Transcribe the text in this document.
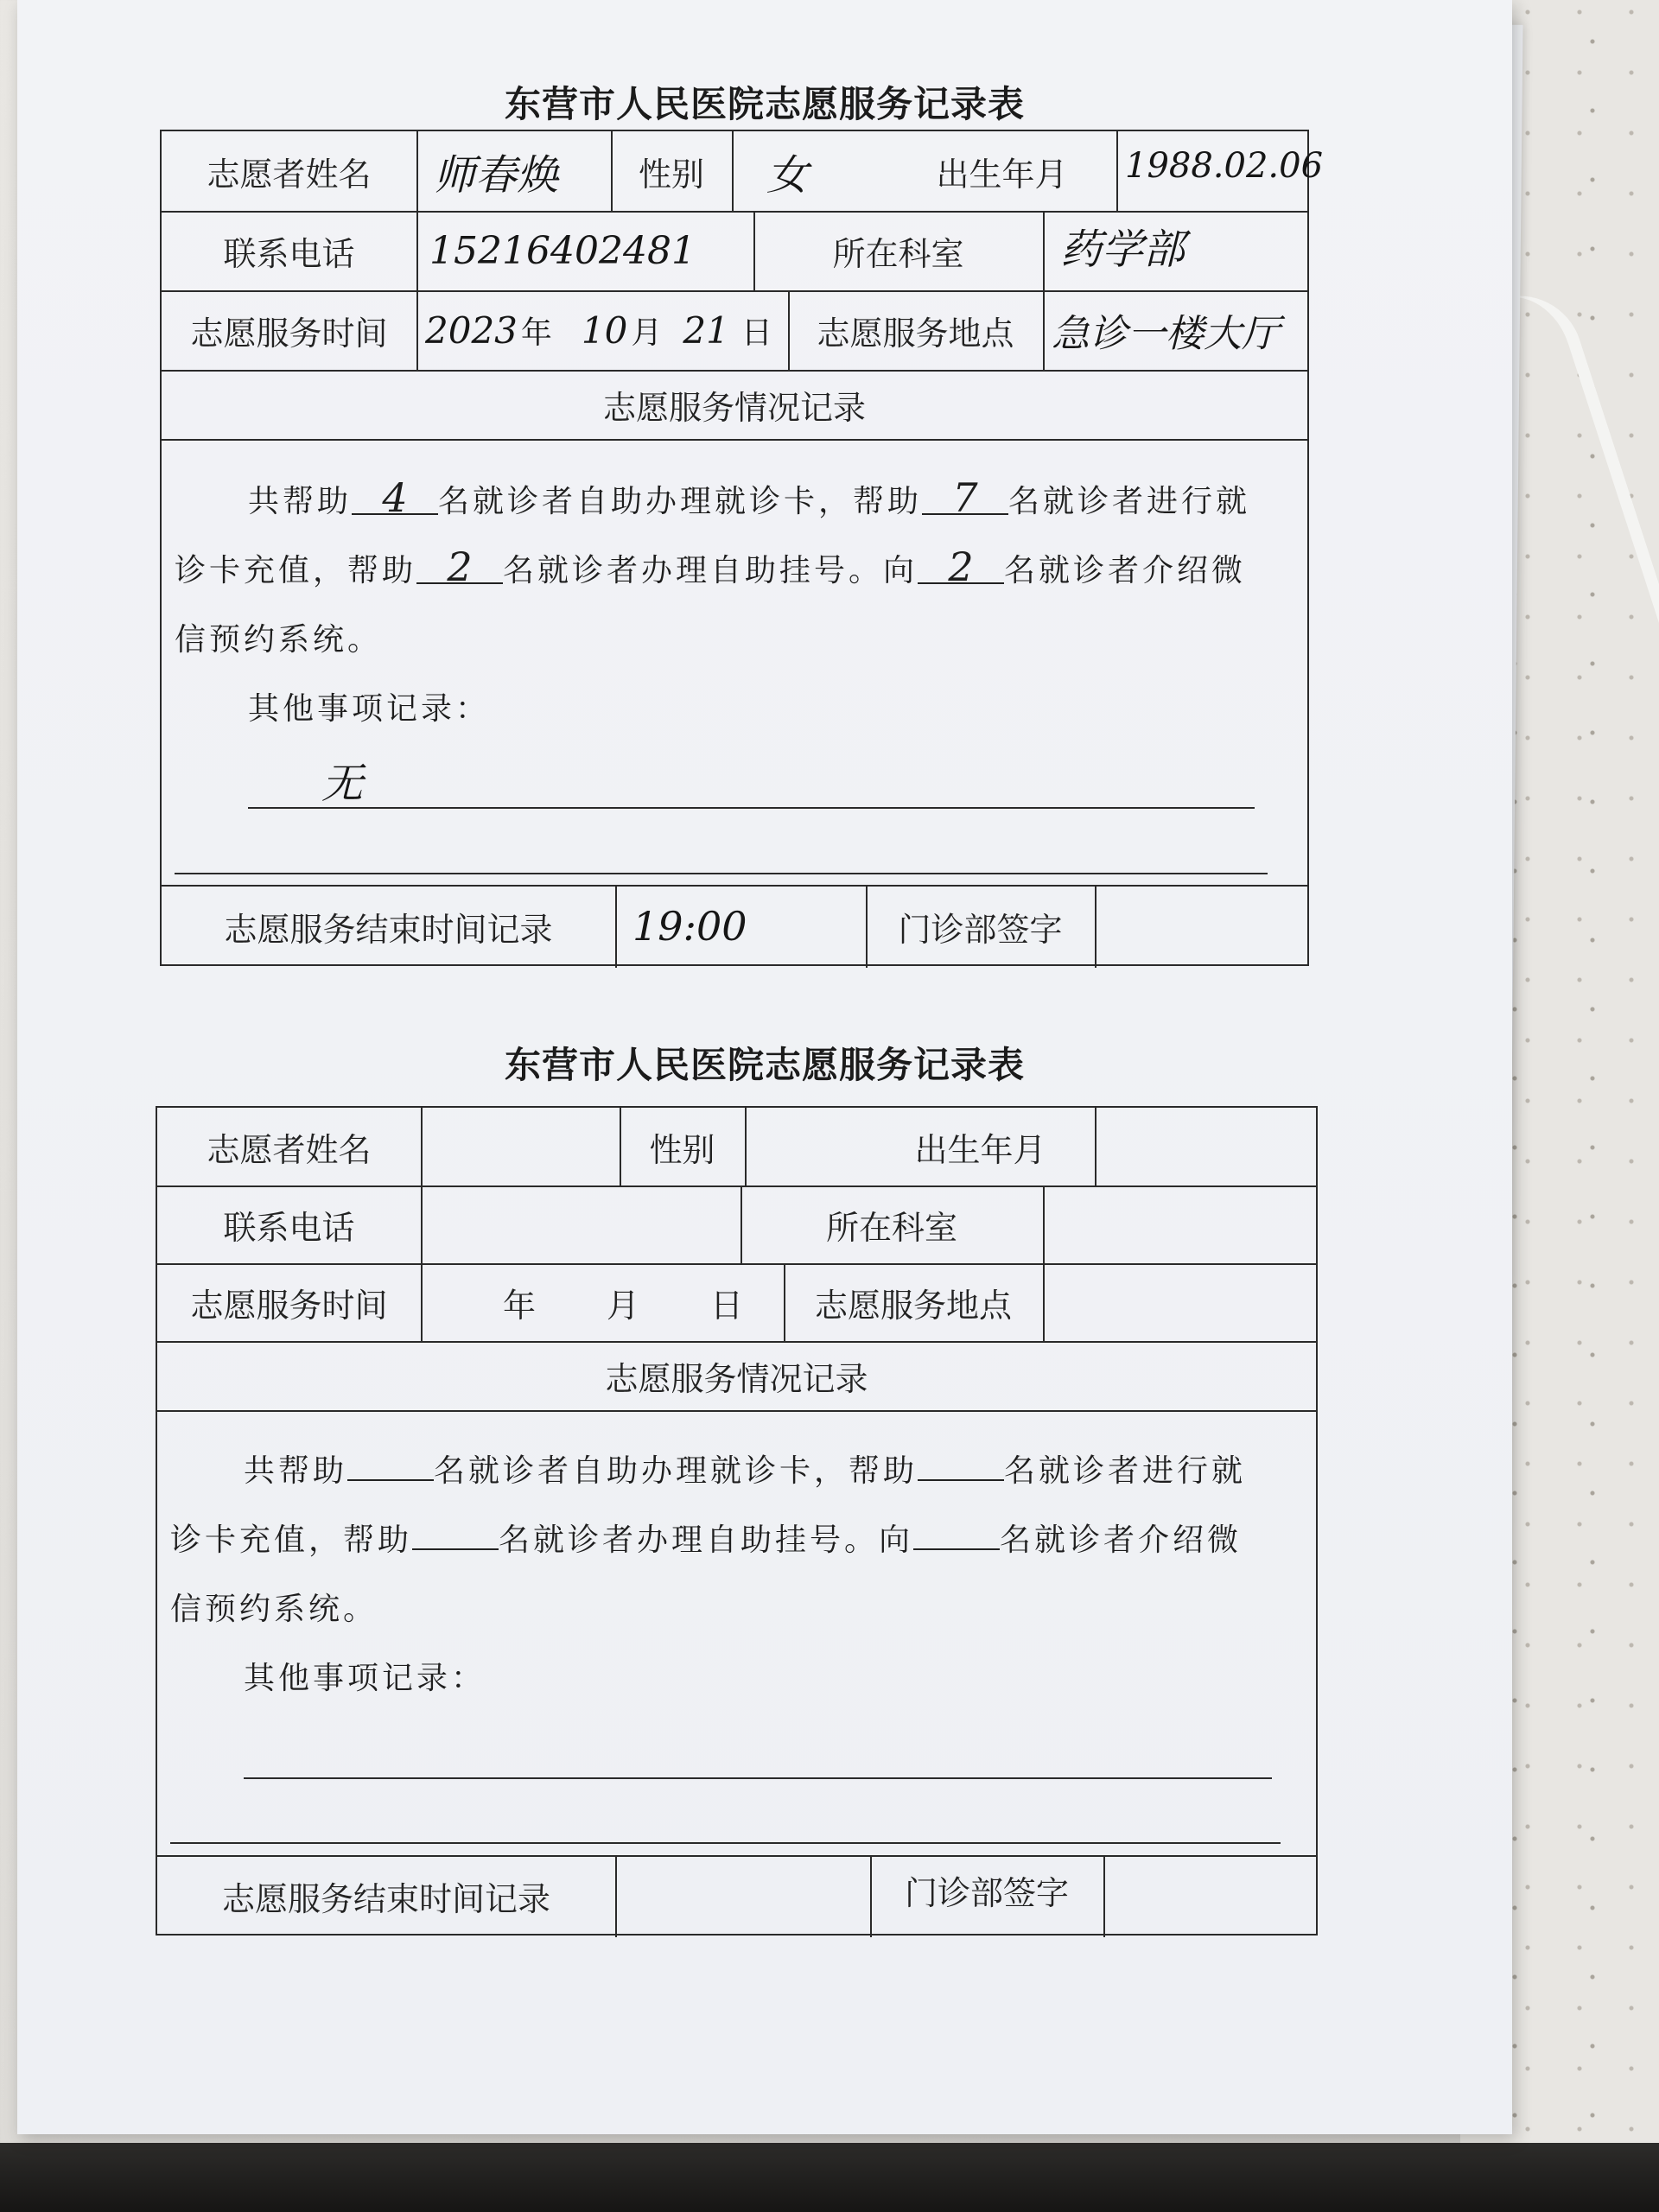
东营市人民医院志愿服务记录表
志愿者姓名	师春焕	性别	女	出生年月	1988.02.06
联系电话	15216402481	所在科室	药学部
志愿服务时间	2023 年 10 月 21 日	志愿服务地点 急诊一楼大厅
志愿服务情况记录
共帮助 4 名就诊者自助办理就诊卡，帮助 7 名就诊者进行就
诊卡充值，帮助 2 名就诊者办理自助挂号。向 2 名就诊者介绍微
信预约系统。
其他事项记录：
无
志愿服务结束时间记录	19:00	门诊部签字
东营市人民医院志愿服务记录表
志愿者姓名	性别	出生年月
联系电话	所在科室
志愿服务时间	年 月 日	志愿服务地点
志愿服务情况记录
共帮助	名就诊者自助办理就诊卡，帮助	名就诊者进行就
诊卡充值，帮助	名就诊者办理自助挂号。向	名就诊者介绍微
信预约系统。
其他事项记录：
志愿服务结束时间记录	门诊部签字
